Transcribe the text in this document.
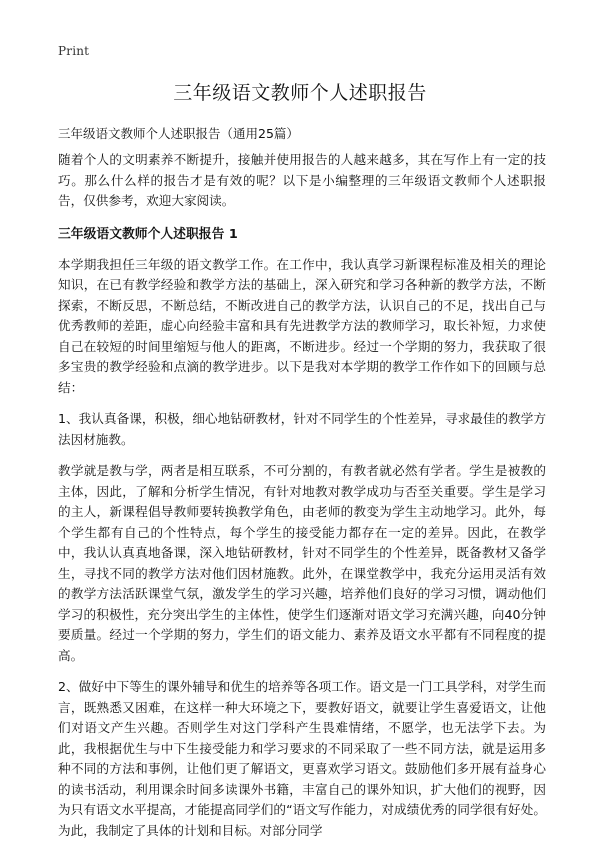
Print
三年级语文教师个人述职报告
三年级语文教师个人述职报告（通用25篇）

随着个人的文明素养不断提升，接触并使用报告的人越来越多，其在写作上有一定的技巧。那么什么样的报告才是有效的呢？以下是小编整理的三年级语文教师个人述职报告，仅供参考，欢迎大家阅读。

三年级语文教师个人述职报告 1

本学期我担任三年级的语文教学工作。在工作中，我认真学习新课程标准及相关的理论知识，在已有教学经验和教学方法的基础上，深入研究和学习各种新的教学方法，不断探索，不断反思，不断总结，不断改进自己的教学方法，认识自己的不足，找出自己与优秀教师的差距，虚心向经验丰富和具有先进教学方法的教师学习，取长补短，力求使自己在较短的时间里缩短与他人的距离，不断进步。经过一个学期的努力，我获取了很多宝贵的教学经验和点滴的教学进步。以下是我对本学期的教学工作作如下的回顾与总结：

1、我认真备课，积极，细心地钻研教材，针对不同学生的个性差异，寻求最佳的教学方法因材施教。

教学就是教与学，两者是相互联系，不可分割的，有教者就必然有学者。学生是被教的主体，因此，了解和分析学生情况，有针对地教对教学成功与否至关重要。学生是学习的主人，新课程倡导教师要转换教学角色，由老师的教变为学生主动地学习。此外，每个学生都有自己的个性特点，每个学生的接受能力都存在一定的差异。因此，在教学中，我认认真真地备课，深入地钻研教材，针对不同学生的个性差异，既备教材又备学生，寻找不同的教学方法对他们因材施教。此外，在课堂教学中，我充分运用灵活有效的教学方法活跃课堂气氛，激发学生的学习兴趣，培养他们良好的学习习惯，调动他们学习的积极性，充分突出学生的主体性，使学生们逐渐对语文学习充满兴趣，向40分钟要质量。经过一个学期的努力，学生们的语文能力、素养及语文水平都有不同程度的提高。

2、做好中下等生的课外辅导和优生的培养等各项工作。语文是一门工具学科，对学生而言，既熟悉又困难，在这样一种大环境之下，要教好语文，就要让学生喜爱语文，让他们对语文产生兴趣。否则学生对这门学科产生畏难情绪，不愿学，也无法学下去。为此，我根据优生与中下生接受能力和学习要求的不同采取了一些不同方法，就是运用多种不同的方法和事例，让他们更了解语文，更喜欢学习语文。鼓励他们多开展有益身心的读书活动，利用课余时间多读课外书籍，丰富自己的课外知识，扩大他们的视野，因为只有语文水平提高，才能提高同学们的“语文写作能力，对成绩优秀的同学很有好处。为此，我制定了具体的计划和目标。对部分同学
